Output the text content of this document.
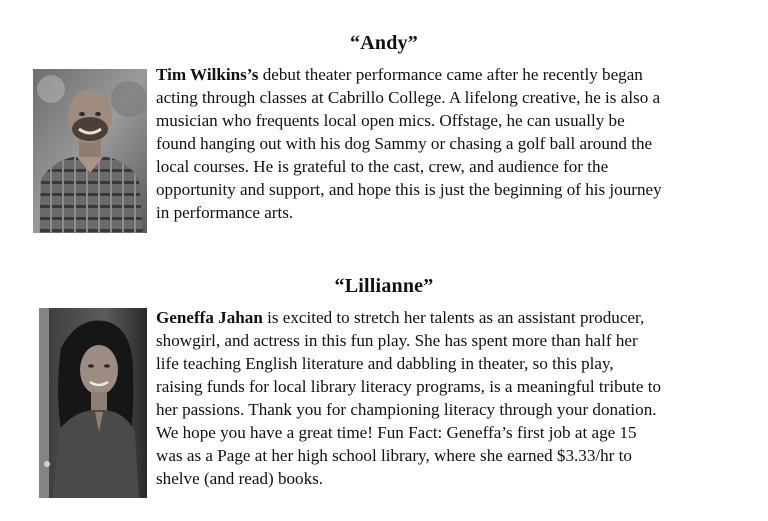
“Andy”
Tim Wilkins’s debut theater performance came after he recently began
acting through classes at Cabrillo College. A lifelong creative, he is also a
musician who frequents local open mics. Offstage, he can usually be
found hanging out with his dog Sammy or chasing a golf ball around the
local courses. He is grateful to the cast, crew, and audience for the
opportunity and support, and hope this is just the beginning of his journey
in performance arts.
“Lillianne”
Geneffa Jahan is excited to stretch her talents as an assistant producer,
showgirl, and actress in this fun play. She has spent more than half her
life teaching English literature and dabbling in theater, so this play,
raising funds for local library literacy programs, is a meaningful tribute to
her passions. Thank you for championing literacy through your donation.
We hope you have a great time! Fun Fact: Geneffa’s first job at age 15
was as a Page at her high school library, where she earned $3.33/hr to
shelve (and read) books.
